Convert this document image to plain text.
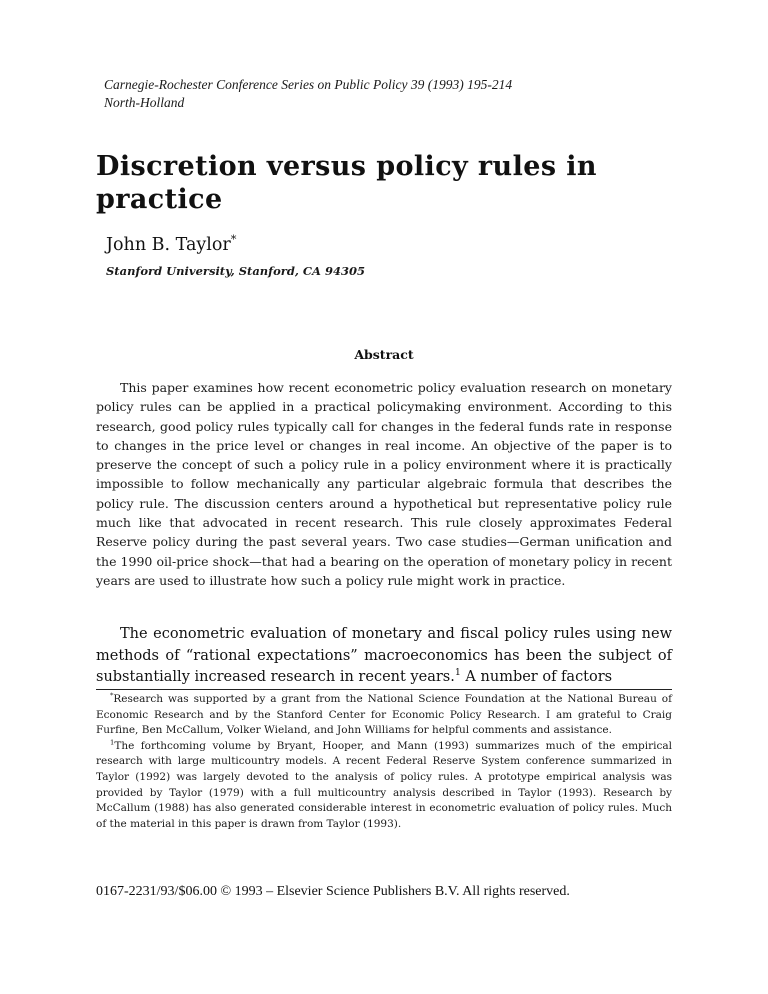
Carnegie-Rochester Conference Series on Public Policy 39 (1993) 195-214
North-Holland
Discretion versus policy rules in practice
John B. Taylor*
Stanford University, Stanford, CA 94305
Abstract

This paper examines how recent econometric policy evaluation research on monetary policy rules can be applied in a practical policymaking environment. According to this research, good policy rules typically call for changes in the federal funds rate in response to changes in the price level or changes in real income. An objective of the paper is to preserve the concept of such a policy rule in a policy environment where it is practically impossible to follow mechanically any particular algebraic formula that describes the policy rule. The discussion centers around a hypothetical but representative policy rule much like that advocated in recent research. This rule closely approximates Federal Reserve policy during the past several years. Two case studies—German unification and the 1990 oil-price shock—that had a bearing on the operation of monetary policy in recent years are used to illustrate how such a policy rule might work in practice.

The econometric evaluation of monetary and fiscal policy rules using new methods of “rational expectations” macroeconomics has been the subject of substantially increased research in recent years.$^1$ A number of factors

*Research was supported by a grant from the National Science Foundation at the National Bureau of Economic Research and by the Stanford Center for Economic Policy Research. I am grateful to Craig Furfine, Ben McCallum, Volker Wieland, and John Williams for helpful comments and assistance.

$^1$The forthcoming volume by Bryant, Hooper, and Mann (1993) summarizes much of the empirical research with large multicountry models. A recent Federal Reserve System conference summarized in Taylor (1992) was largely devoted to the analysis of policy rules. A prototype empirical analysis was provided by Taylor (1979) with a full multicountry analysis described in Taylor (1993). Research by McCallum (1988) has also generated considerable interest in econometric evaluation of policy rules. Much of the material in this paper is drawn from Taylor (1993).

0167-2231/93/$06.00 © 1993 – Elsevier Science Publishers B.V. All rights reserved.
